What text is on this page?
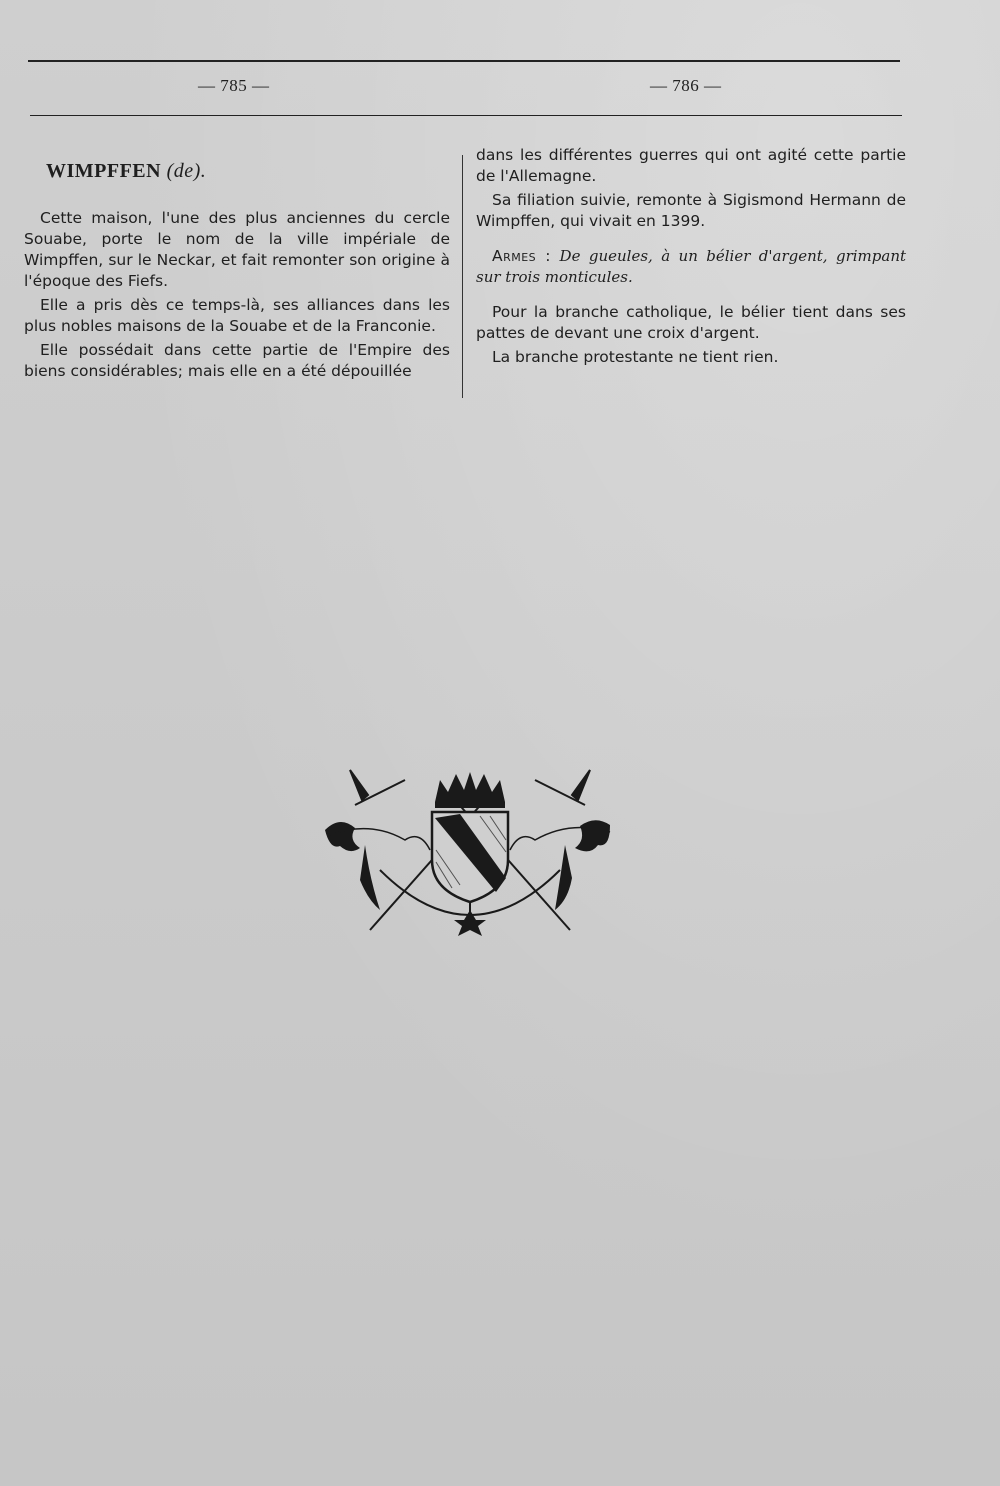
— 785 —	— 786 —
WIMPFFEN (de).

Cette maison, l'une des plus anciennes du cercle Souabe, porte le nom de la ville impériale de Wimpffen, sur le Neckar, et fait remonter son origine à l'époque des Fiefs.

Elle a pris dès ce temps-là, ses alliances dans les plus nobles maisons de la Souabe et de la Franconie.

Elle possédait dans cette partie de l'Empire des biens considérables; mais elle en a été dépouillée

dans les différentes guerres qui ont agité cette partie de l'Allemagne.

Sa filiation suivie, remonte à Sigismond Hermann de Wimpffen, qui vivait en 1399.

Armes : De gueules, à un bélier d'argent, grimpant sur trois monticules.

Pour la branche catholique, le bélier tient dans ses pattes de devant une croix d'argent.

La branche protestante ne tient rien.
